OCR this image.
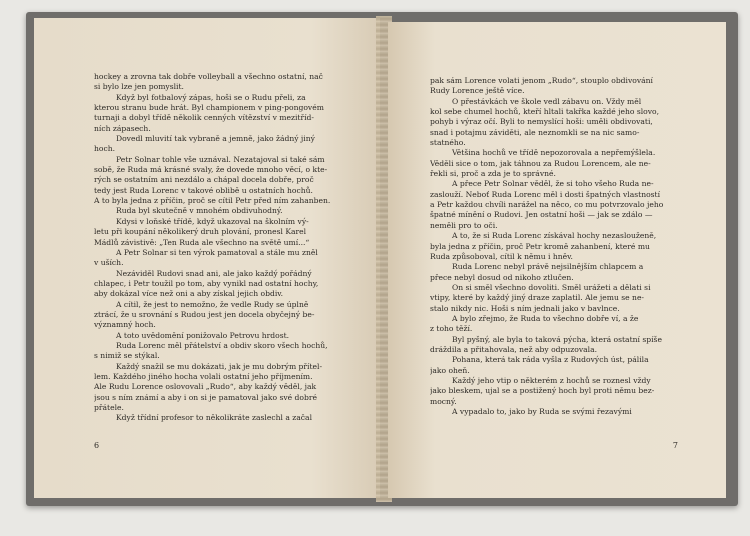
hockey a zrovna tak dobře volleyball a všechno ostatní, nač
si bylo lze jen pomyslit.
Když byl fotbalový zápas, hoši se o Rudu přeli, za
kterou stranu bude hrát. Byl championem v ping-pongovém
turnaji a dobyl třídě několik cenných vítězství v mezitříd-
ních zápasech.
Dovedl mluvití tak vybraně a jemně, jako žádný jiný
hoch.
Petr Solnar tohle vše uznával. Nezatajoval si také sám
sobě, že Ruda má krásné svaly, že dovede mnoho věcí, o kte-
rých se ostatním ani nezdálo a chápal docela dobře, proč
tedy jest Ruda Lorenc v takové oblibě u ostatních hochů.
A to byla jedna z příčin, proč se cítil Petr před ním zahanben.
Ruda byl skutečně v mnohém obdivuhodný.
Kdysi v loňské třídě, když ukazoval na školním vý-
letu při koupání několikerý druh plování, pronesl Karel
Mádlů závistivě: „Ten Ruda ale všechno na světě umí...“
A Petr Solnar si ten výrok pamatoval a stále mu zněl
v uších.
Nezáviděl Rudovi snad ani, ale jako každý pořádný
chlapec, i Petr toužil po tom, aby vynikl nad ostatní hochy,
aby dokázal více než oni a aby získal jejich obdiv.
A cítil, že jest to nemožno, že vedle Rudy se úplně
ztrácí, že u srovnání s Rudou jest jen docela obyčejný be-
významný hoch.
A toto uvědomění ponižovalo Petrovu hrdost.
Ruda Lorenc měl přátelství a obdiv skoro všech hochů,
s nimiž se stýkal.
Každý snažil se mu dokázati, jak je mu dobrým přítel-
lem. Každého jiného hocha volali ostatní jeho příjmením.
Ale Rudu Lorence oslovovali „Rudo“, aby každý věděl, jak
jsou s ním známí a aby i on si je pamatoval jako své dobré
přátele.
Když třídní profesor to několikráte zaslechl a začal
6
pak sám Lorence volati jenom „Rudo“, stouplo obdivování
Rudy Lorence ještě více.
O přestávkách ve škole vedl zábavu on. Vždy měl
kol sebe chumel hochů, kteří hltali takřka každé jeho slovo,
pohyb i výraz očí. Byli to nemyslící hoši: uměli obdivovati,
snad i potajmu záviděti, ale neznomkli se na nic samo-
statného.
Většina hochů ve třídě nepozorovala a nepřemýšlela.
Věděli sice o tom, jak táhnou za Rudou Lorencem, ale ne-
řekli si, proč a zda je to správné.
A přece Petr Solnar věděl, že si toho všeho Ruda ne-
zaslouží. Neboť Ruda Lorenc měl i dosti špatných vlastností
a Petr každou chvíli narážel na něco, co mu potvrzovalo jeho
špatné mínění o Rudovi. Jen ostatní hoši — jak se zdálo —
neměli pro to oči.
A to, že si Ruda Lorenc získával hochy nezaslouženě,
byla jedna z příčin, proč Petr kromě zahanbení, které mu
Ruda způsoboval, cítil k němu i hněv.
Ruda Lorenc nebyl právě nejsilnějším chlapcem a
přece nebyl dosud od nikoho ztlučen.
On si směl všechno dovoliti. Směl urážeti a dělati si
vtipy, které by každý jiný draze zaplatil. Ale jemu se ne-
stalo nikdy nic. Hoši s ním jednali jako v bavlnce.
A bylo zřejmo, že Ruda to všechno dobře ví, a že
z toho těží.
Byl pyšný, ale byla to taková pýcha, která ostatní spíše
dráždila a přitahovala, než aby odpuzovala.
Pohana, která tak ráda vyšla z Rudových úst, pálila
jako oheň.
Každý jeho vtip o některém z hochů se roznesl vždy
jako bleskem, ujal se a postižený hoch byl proti němu bez-
mocný.
A vypadalo to, jako by Ruda se svými řezavými
7
